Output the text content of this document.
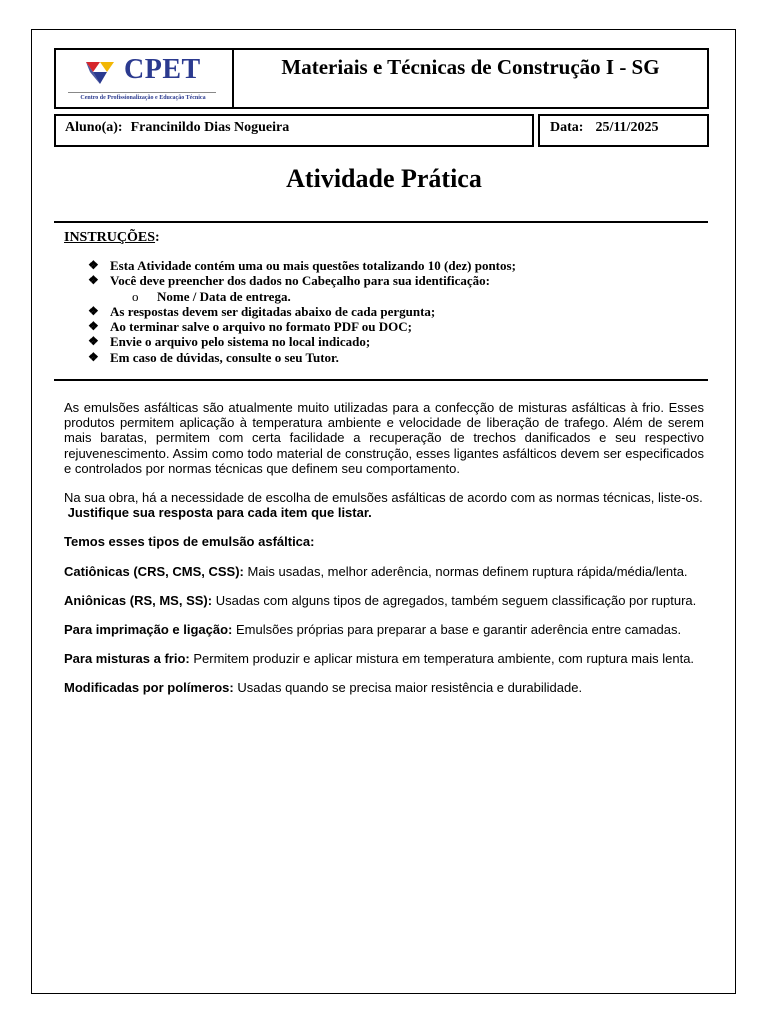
CPET
Centro de Profissionalização e Educação Técnica
Materiais e Técnicas de Construção I - SG
Aluno(a): Francinildo Dias Nogueira	Data: 25/11/2025
Atividade Prática
INSTRUÇÕES:
❖ Esta Atividade contém uma ou mais questões totalizando 10 (dez) pontos;
❖ Você deve preencher dos dados no Cabeçalho para sua identificação:
o	Nome / Data de entrega.
❖ As respostas devem ser digitadas abaixo de cada pergunta;
❖ Ao terminar salve o arquivo no formato PDF ou DOC;
❖ Envie o arquivo pelo sistema no local indicado;
❖ Em caso de dúvidas, consulte o seu Tutor.

As emulsões asfálticas são atualmente muito utilizadas para a confecção de misturas asfálticas à frio. Esses produtos permitem aplicação à temperatura ambiente e velocidade de liberação de trafego. Além de serem mais baratas, permitem com certa facilidade a recuperação de trechos danificados e seu respectivo rejuvenescimento. Assim como todo material de construção, esses ligantes asfálticos devem ser especificados e controlados por normas técnicas que definem seu comportamento.

Na sua obra, há a necessidade de escolha de emulsões asfálticas de acordo com as normas técnicas, liste-os.
Justifique sua resposta para cada item que listar.

Temos esses tipos de emulsão asfáltica:

Catiônicas (CRS, CMS, CSS): Mais usadas, melhor aderência, normas definem ruptura rápida/média/lenta.

Aniônicas (RS, MS, SS): Usadas com alguns tipos de agregados, também seguem classificação por ruptura.

Para imprimação e ligação: Emulsões próprias para preparar a base e garantir aderência entre camadas.

Para misturas a frio: Permitem produzir e aplicar mistura em temperatura ambiente, com ruptura mais lenta.

Modificadas por polímeros: Usadas quando se precisa maior resistência e durabilidade.
